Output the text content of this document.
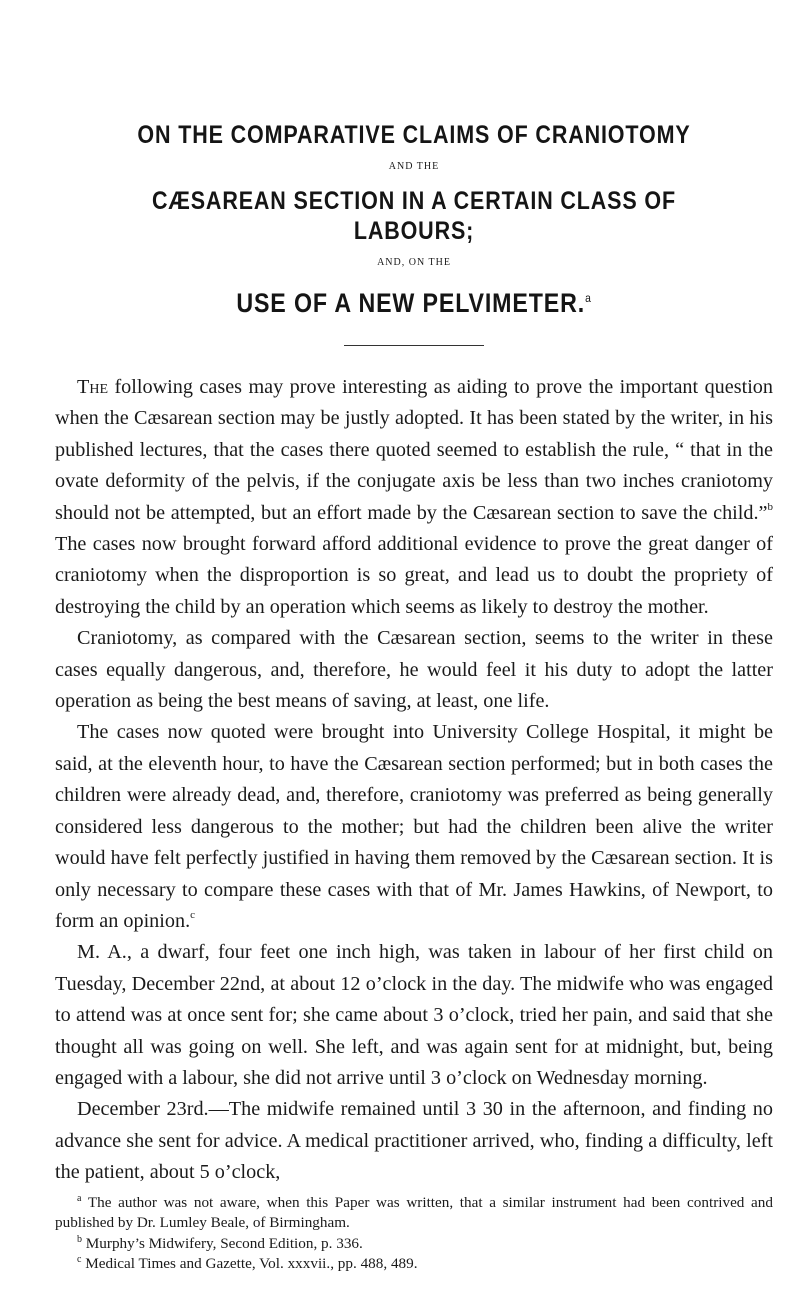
ON THE COMPARATIVE CLAIMS OF CRANIOTOMY
AND THE
CÆSAREAN SECTION IN A CERTAIN CLASS OF LABOURS;
AND, ON THE
USE OF A NEW PELVIMETER.$^a$

The following cases may prove interesting as aiding to prove the important question when the Cæsarean section may be justly adopted. It has been stated by the writer, in his published lectures, that the cases there quoted seemed to establish the rule, “ that in the ovate deformity of the pelvis, if the conjugate axis be less than two inches craniotomy should not be attempted, but an effort made by the Cæsarean section to save the child.”$^b$ The cases now brought forward afford additional evidence to prove the great danger of craniotomy when the disproportion is so great, and lead us to doubt the propriety of destroying the child by an operation which seems as likely to destroy the mother.

Craniotomy, as compared with the Cæsarean section, seems to the writer in these cases equally dangerous, and, therefore, he would feel it his duty to adopt the latter operation as being the best means of saving, at least, one life.

The cases now quoted were brought into University College Hospital, it might be said, at the eleventh hour, to have the Cæsarean section performed; but in both cases the children were already dead, and, therefore, craniotomy was preferred as being generally considered less dangerous to the mother; but had the children been alive the writer would have felt perfectly justified in having them removed by the Cæsarean section. It is only necessary to compare these cases with that of Mr. James Hawkins, of Newport, to form an opinion.$^c$

M. A., a dwarf, four feet one inch high, was taken in labour of her first child on Tuesday, December 22nd, at about 12 o’clock in the day. The midwife who was engaged to attend was at once sent for; she came about 3 o’clock, tried her pain, and said that she thought all was going on well. She left, and was again sent for at midnight, but, being engaged with a labour, she did not arrive until 3 o’clock on Wednesday morning.

December 23rd.—The midwife remained until 3 30 in the afternoon, and finding no advance she sent for advice. A medical practitioner arrived, who, finding a difficulty, left the patient, about 5 o’clock,

$^a$ The author was not aware, when this Paper was written, that a similar instrument had been contrived and published by Dr. Lumley Beale, of Birmingham.

$^b$ Murphy’s Midwifery, Second Edition, p. 336.

$^c$ Medical Times and Gazette, Vol. xxxvii., pp. 488, 489.
